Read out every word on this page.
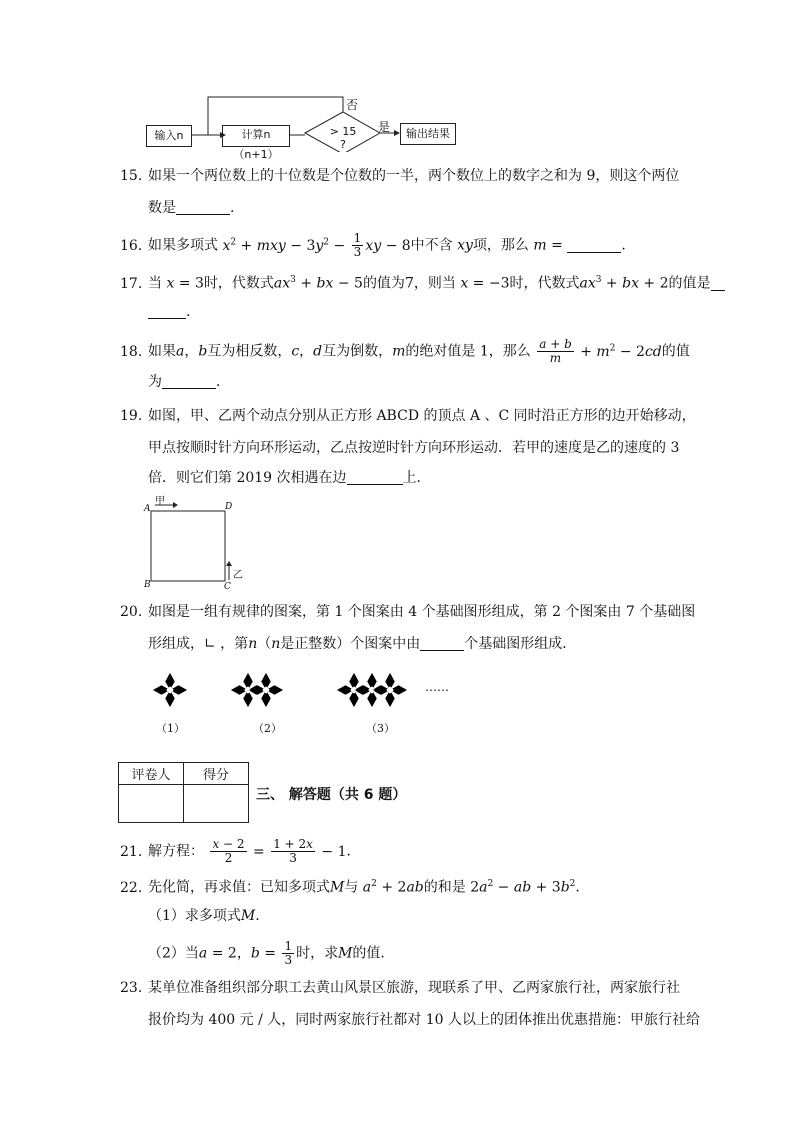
输入n	计算n（n+1）
> 15 ?
否
是	输出结果
15. 如果一个两位数上的十位数是个位数的一半，两个数位上的数字之和为 9，则这个两位
数是	.
16. 如果多项式 $x^2$ + mxy − $3y^2 - \frac{1}{3}$ xy − 8中不含 xy项，那么 m =	.
17. 当 x = 3时，代数式$ax^3$ + bx − 5的值为7，则当 x = −3时，代数式$ax^3$ + bx + 2的值是
.
18. 如果a，b互为相反数，c，d互为倒数，m的绝对值是 1，那么 $\frac{a + b}{m} + m^2 - 2cd$的值
为	.
19. 如图，甲、乙两个动点分别从正方形 ABCD 的顶点 A 、C 同时沿正方形的边开始移动，
甲点按顺时针方向环形运动，乙点按逆时针方向环形运动．若甲的速度是乙的速度的 3
倍．则它们第 2019 次相遇在边	上．
A	D
B	C
甲
乙
20. 如图是一组有规律的图案，第 1 个图案由 4 个基础图形组成，第 2 个图案由 7 个基础图
形组成，∟ ，第n（n是正整数）个图案中由	个基础图形组成．
……
（1）	（2）	（3）
评卷人	得分

三、 解答题（共 6 题）
21. 解方程： $\frac{x - 2}{2} = \frac{1 + 2x}{3} - 1$.
22. 先化简，再求值：已知多项式M与 $a^2 + 2ab$的和是 $2a^2$ − ab + $3b^2$.
（1）求多项式M.
（2）当a = 2，$b = \frac{1}{3}$ 时，求M的值.
23. 某单位准备组织部分职工去黄山风景区旅游，现联系了甲、乙两家旅行社，两家旅行社
报价均为 400 元 / 人，同时两家旅行社都对 10 人以上的团体推出优惠措施：甲旅行社给
